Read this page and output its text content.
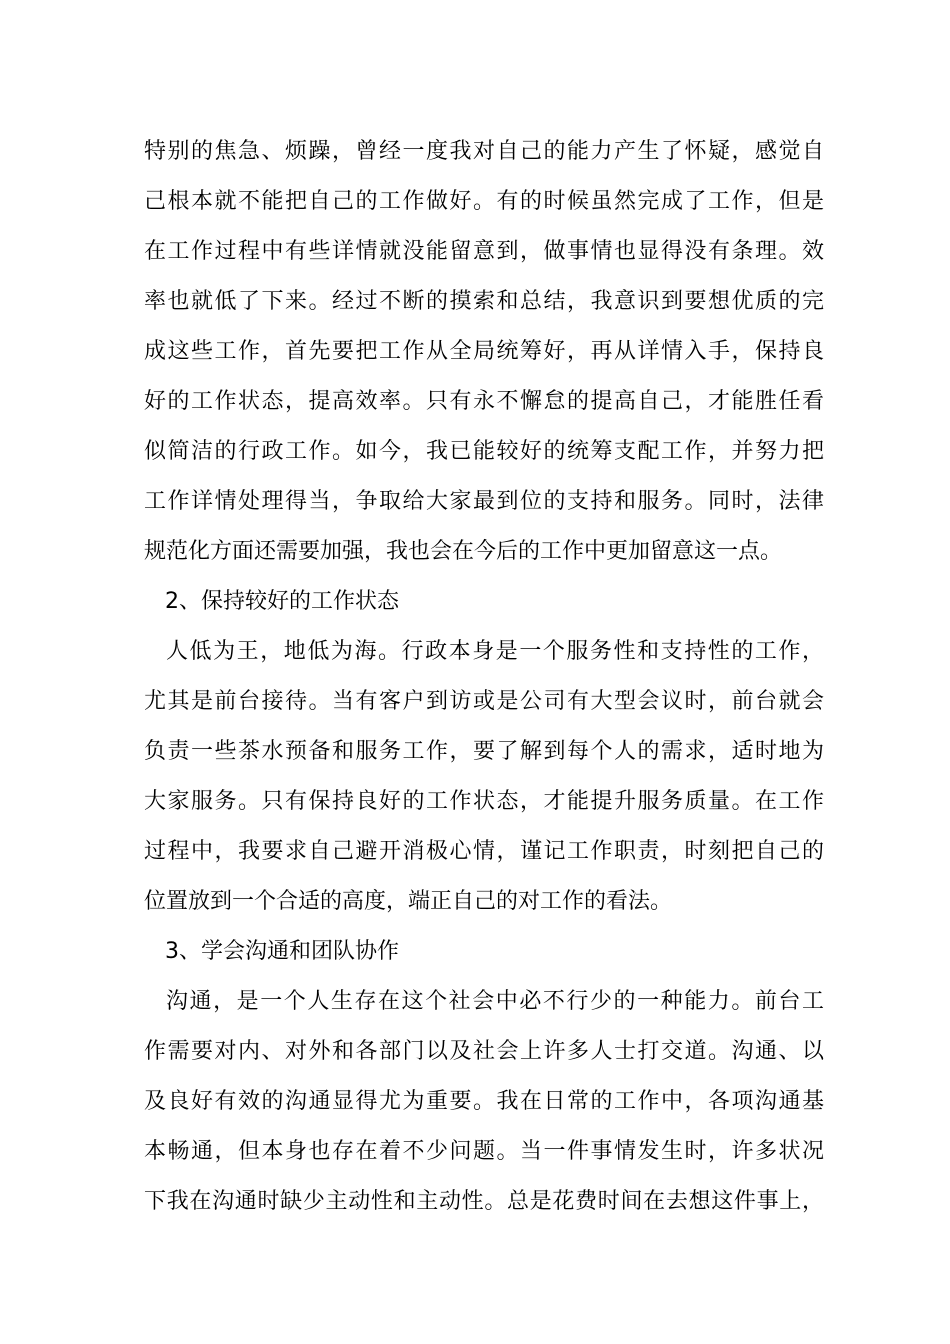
特别的焦急、烦躁，曾经一度我对自己的能力产生了怀疑，感觉自
己根本就不能把自己的工作做好。有的时候虽然完成了工作，但是
在工作过程中有些详情就没能留意到，做事情也显得没有条理。效
率也就低了下来。经过不断的摸索和总结，我意识到要想优质的完
成这些工作，首先要把工作从全局统筹好，再从详情入手，保持良
好的工作状态，提高效率。只有永不懈怠的提高自己，才能胜任看
似简洁的行政工作。如今，我已能较好的统筹支配工作，并努力把
工作详情处理得当，争取给大家最到位的支持和服务。同时，法律
规范化方面还需要加强，我也会在今后的工作中更加留意这一点。
2、保持较好的工作状态
人低为王，地低为海。行政本身是一个服务性和支持性的工作，
尤其是前台接待。当有客户到访或是公司有大型会议时，前台就会
负责一些茶水预备和服务工作，要了解到每个人的需求，适时地为
大家服务。只有保持良好的工作状态，才能提升服务质量。在工作
过程中，我要求自己避开消极心情，谨记工作职责，时刻把自己的
位置放到一个合适的高度，端正自己的对工作的看法。
3、学会沟通和团队协作
沟通，是一个人生存在这个社会中必不行少的一种能力。前台工
作需要对内、对外和各部门以及社会上许多人士打交道。沟通、以
及良好有效的沟通显得尤为重要。我在日常的工作中，各项沟通基
本畅通，但本身也存在着不少问题。当一件事情发生时，许多状况
下我在沟通时缺少主动性和主动性。总是花费时间在去想这件事上，
